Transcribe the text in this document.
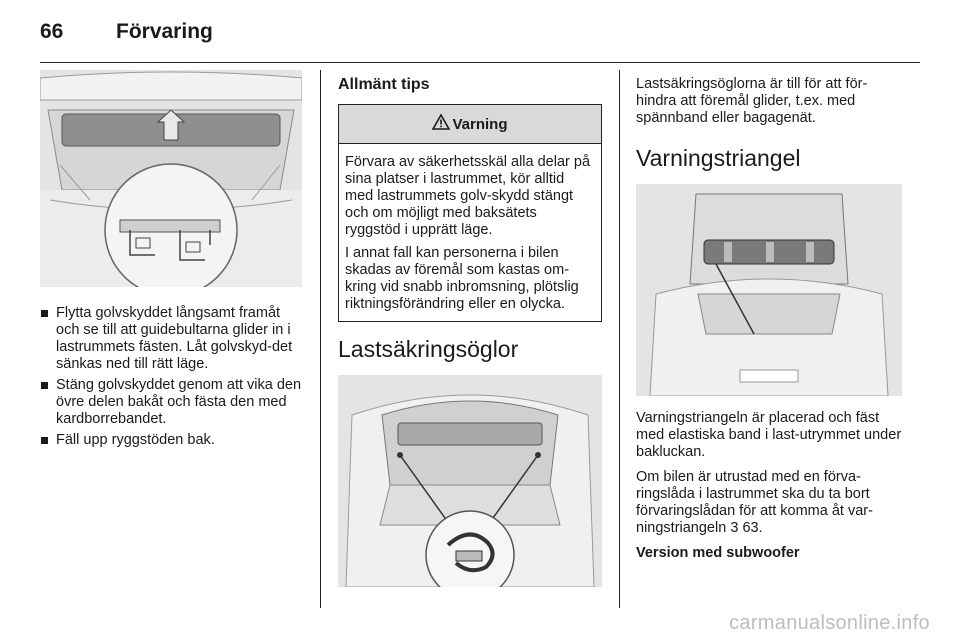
66	Förvaring
Flytta golvskyddet långsamt framåt och se till att guidebultarna glider in i lastrummets fästen. Låt golvskyd-det sänkas ned till rätt läge.
Stäng golvskyddet genom att vika den övre delen bakåt och fästa den med kardborrebandet.
Fäll upp ryggstöden bak.
Allmänt tips
Varning

Förvara av säkerhetsskäl alla delar på sina platser i lastrummet, kör alltid med lastrummets golv-skydd stängt och om möjligt med baksätets ryggstöd i upprätt läge.

I annat fall kan personerna i bilen skadas av föremål som kastas om-kring vid snabb inbromsning, plötslig riktningsförändring eller en olycka.

Lastsäkringsöglor

Lastsäkringsöglorna är till för att för-hindra att föremål glider, t.ex. med spännband eller bagagenät.

Varningstriangel

Varningstriangeln är placerad och fäst med elastiska band i last-utrymmet under bakluckan.

Om bilen är utrustad med en förva-ringslåda i lastrummet ska du ta bort förvaringslådan för att komma åt var-ningstriangeln 3 63.

Version med subwoofer

carmanualsonline.info
